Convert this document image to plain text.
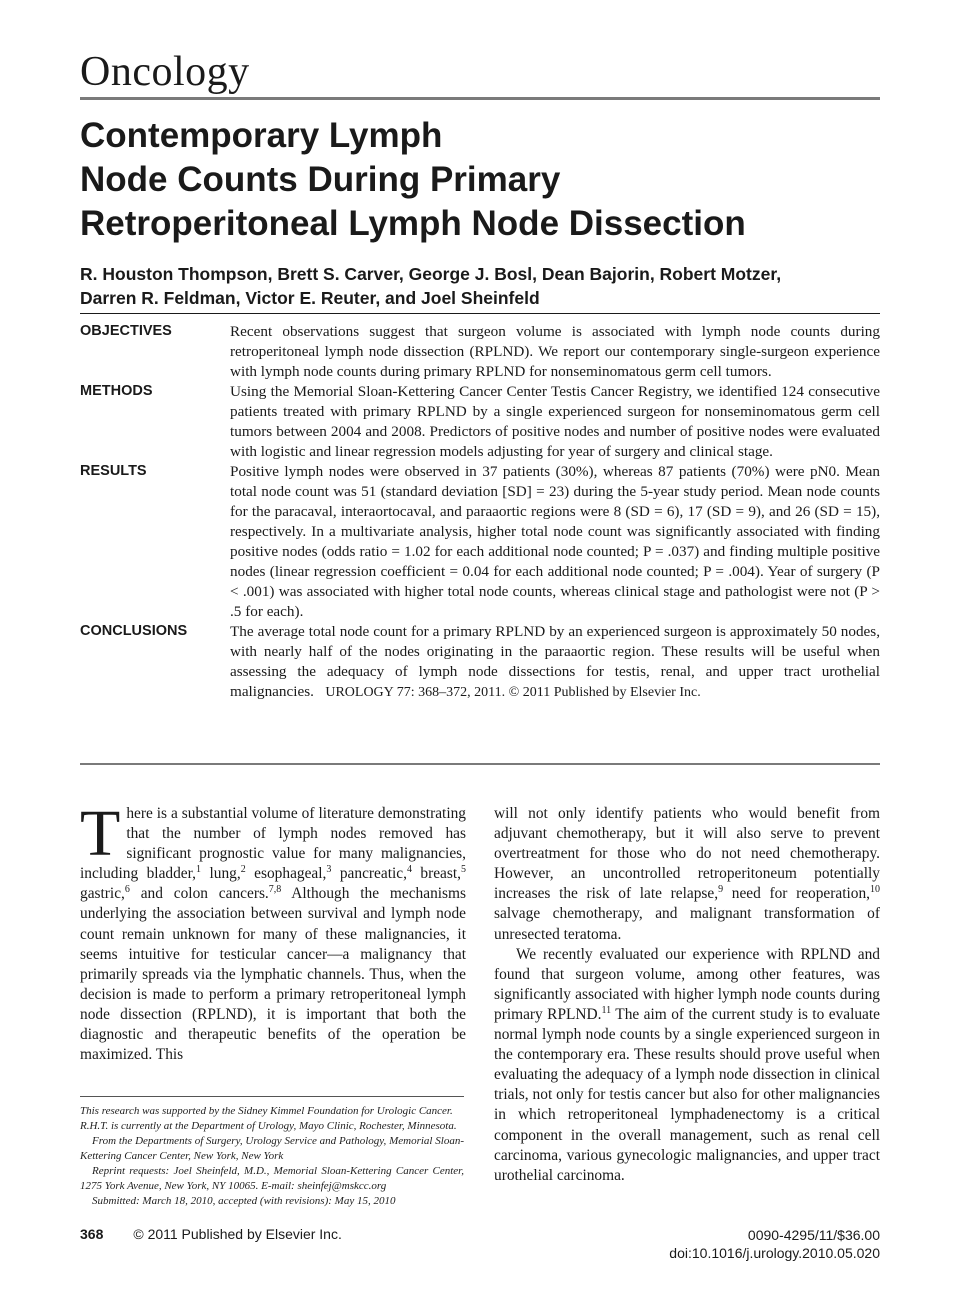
Oncology
Contemporary Lymph
Node Counts During Primary
Retroperitoneal Lymph Node Dissection
R. Houston Thompson, Brett S. Carver, George J. Bosl, Dean Bajorin, Robert Motzer,
Darren R. Feldman, Victor E. Reuter, and Joel Sheinfeld
OBJECTIVES	Recent observations suggest that surgeon volume is associated with lymph node counts during retroperitoneal lymph node dissection (RPLND). We report our contemporary single-surgeon experience with lymph node counts during primary RPLND for nonseminomatous germ cell tumors.
METHODS	Using the Memorial Sloan-Kettering Cancer Center Testis Cancer Registry, we identified 124 consecutive patients treated with primary RPLND by a single experienced surgeon for nonseminomatous germ cell tumors between 2004 and 2008. Predictors of positive nodes and number of positive nodes were evaluated with logistic and linear regression models adjusting for year of surgery and clinical stage.
RESULTS	Positive lymph nodes were observed in 37 patients (30%), whereas 87 patients (70%) were pN0. Mean total node count was 51 (standard deviation [SD] = 23) during the 5-year study period. Mean node counts for the paracaval, interaortocaval, and paraaortic regions were 8 (SD = 6), 17 (SD = 9), and 26 (SD = 15), respectively. In a multivariate analysis, higher total node count was significantly associated with finding positive nodes (odds ratio = 1.02 for each additional node counted; P = .037) and finding multiple positive nodes (linear regression coefficient = 0.04 for each additional node counted; P = .004). Year of surgery (P < .001) was associated with higher total node counts, whereas clinical stage and pathologist were not (P > .5 for each).
CONCLUSIONS	The average total node count for a primary RPLND by an experienced surgeon is approximately 50 nodes, with nearly half of the nodes originating in the paraaortic region. These results will be useful when assessing the adequacy of lymph node dissections for testis, renal, and upper tract urothelial malignancies. UROLOGY 77: 368–372, 2011. © 2011 Published by Elsevier Inc.

There is a substantial volume of literature demonstrating that the number of lymph nodes removed has significant prognostic value for many malignancies, including bladder,$^1$ lung,$^2$ esophageal,$^3$ pancreatic,$^4$ breast,$^5$ gastric,$^6$ and colon cancers.$^{7,8}$ Although the mechanisms underlying the association between survival and lymph node count remain unknown for many of these malignancies, it seems intuitive for testicular cancer—a malignancy that primarily spreads via the lymphatic channels. Thus, when the decision is made to perform a primary retroperitoneal lymph node dissection (RPLND), it is important that both the diagnostic and therapeutic benefits of the operation be maximized. This

will not only identify patients who would benefit from adjuvant chemotherapy, but it will also serve to prevent overtreatment for those who do not need chemotherapy. However, an uncontrolled retroperitoneum potentially increases the risk of late relapse,$^9$ need for reoperation,$^{10}$ salvage chemotherapy, and malignant transformation of unresected teratoma.

We recently evaluated our experience with RPLND and found that surgeon volume, among other features, was significantly associated with higher lymph node counts during primary RPLND.$^{11}$ The aim of the current study is to evaluate normal lymph node counts by a single experienced surgeon in the contemporary era. These results should prove useful when evaluating the adequacy of a lymph node dissection in clinical trials, not only for testis cancer but also for other malignancies in which retroperitoneal lymphadenectomy is a critical component in the overall management, such as renal cell carcinoma, various gynecologic malignancies, and upper tract urothelial carcinoma.

This research was supported by the Sidney Kimmel Foundation for Urologic Cancer.

R.H.T. is currently at the Department of Urology, Mayo Clinic, Rochester, Minnesota.

From the Departments of Surgery, Urology Service and Pathology, Memorial Sloan-Kettering Cancer Center, New York, New York

Reprint requests: Joel Sheinfeld, M.D., Memorial Sloan-Kettering Cancer Center, 1275 York Avenue, New York, NY 10065. E-mail: sheinfej@mskcc.org

Submitted: March 18, 2010, accepted (with revisions): May 15, 2010

368 © 2011 Published by Elsevier Inc.	0090-4295/11/$36.00
doi:10.1016/j.urology.2010.05.020
